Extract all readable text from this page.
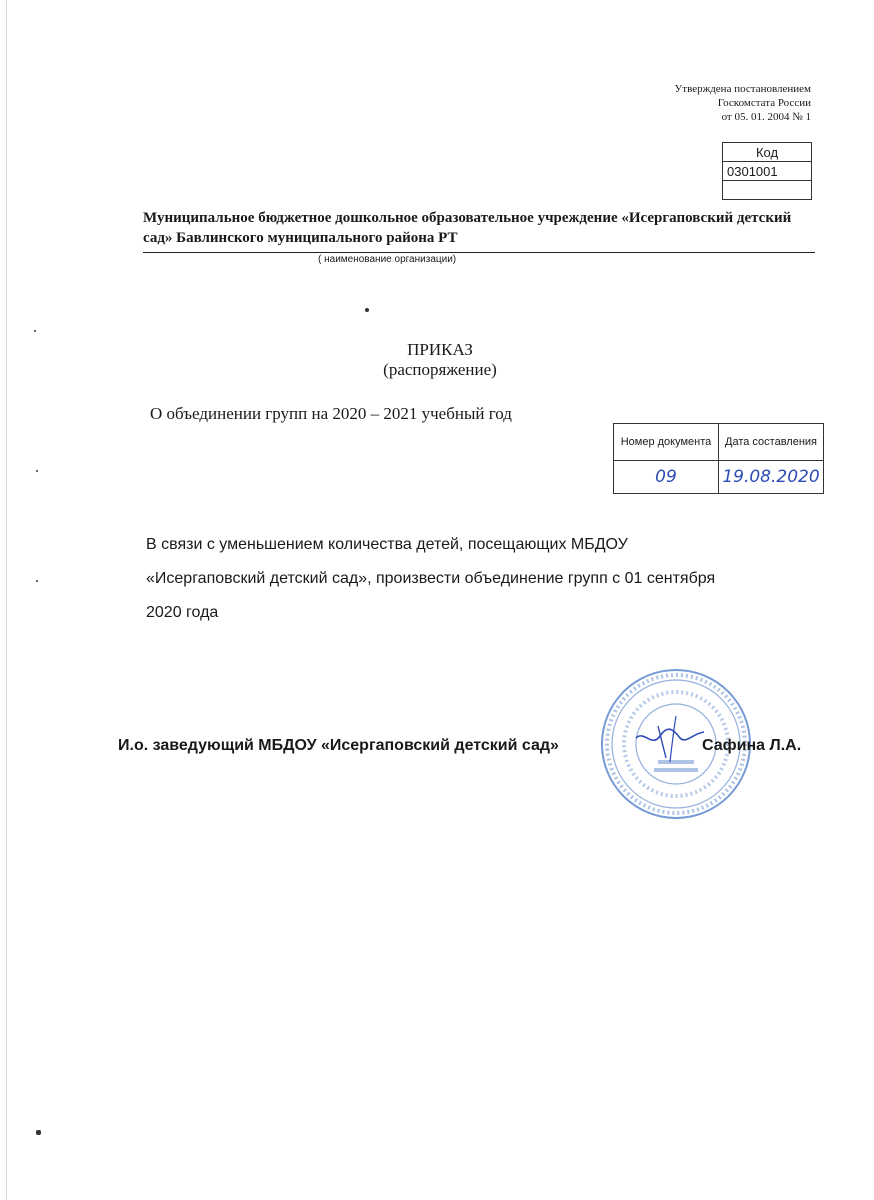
Утверждена постановлением
Госкомстата России
от 05. 01. 2004 № 1
Код
0301001

Муниципальное бюджетное дошкольное образовательное учреждение «Исергаповский детский сад» Бавлинского муниципального района РТ

( наименование организации)
ПРИКАЗ
(распоряжение)

О объединении групп на 2020 – 2021 учебный год

Номер документа	Дата составления
09	19.08.2020
В связи с уменьшением количества детей, посещающих МБДОУ
«Исергаповский детский сад», произвести объединение групп с 01 сентября
2020 года
И.о. заведующий МБДОУ «Исергаповский детский сад»	Сафина Л.А.
